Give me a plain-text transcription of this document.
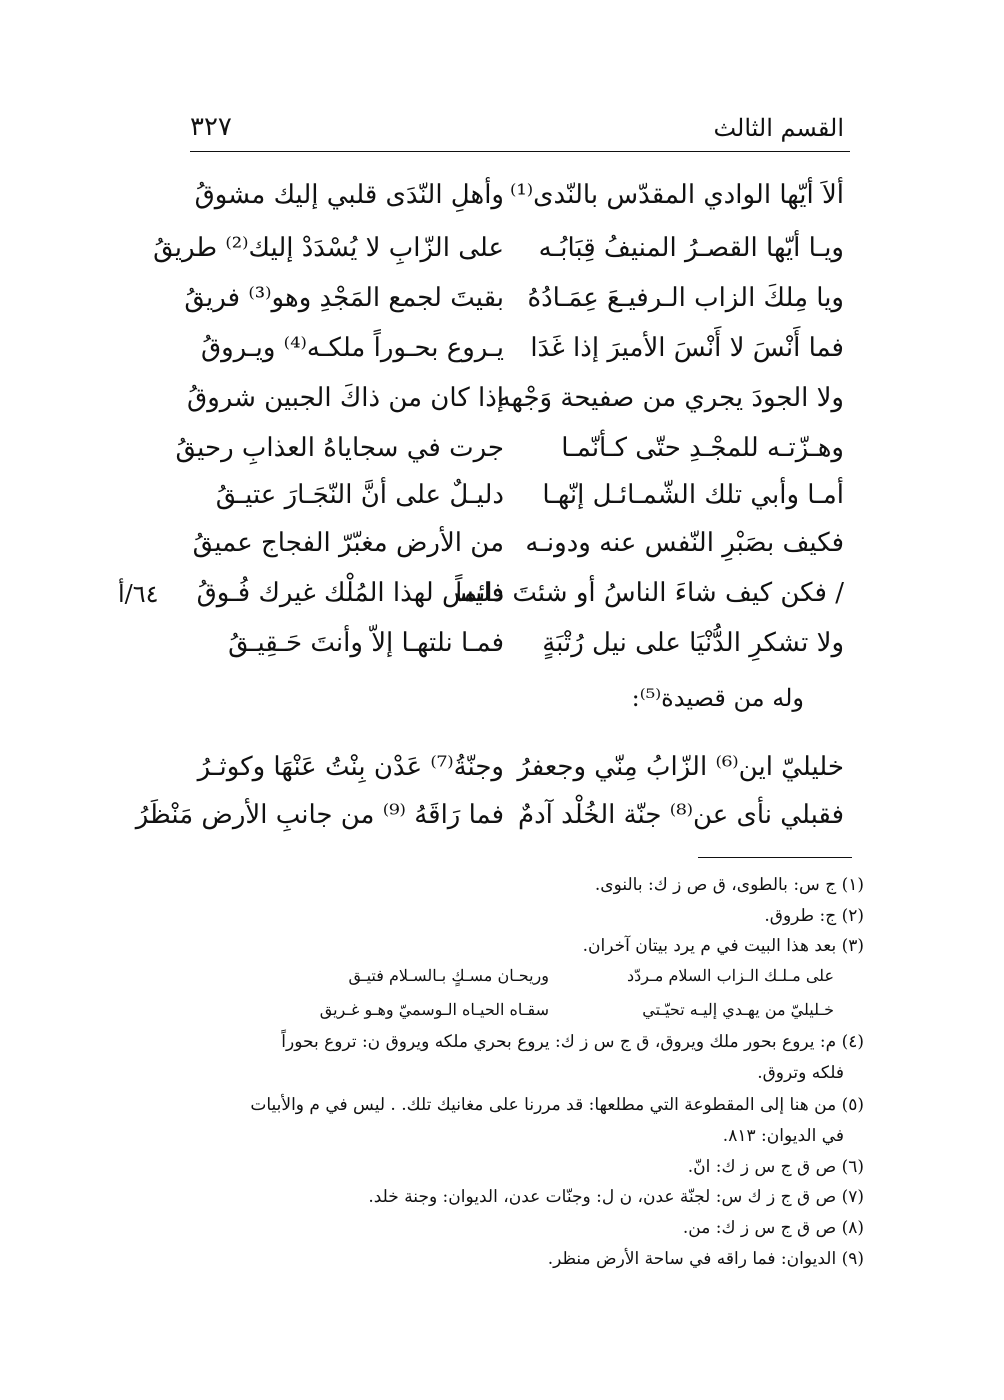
٣٢٧	القسم الثالث
ألاَ أيّها الوادي المقدّس بالنّدى⁽¹⁾
وأهلِ النّدَى قلبي إليك مشوقُ
ويـا أيّها القصـرُ المنيفُ قِبَابُـه
على الزّابِ لا يُسْدَدْ إليك⁽²⁾ طريقُ
ويا مِلكَ الزاب الـرفيـعَ عِمَـادُهُ
بقيتَ لجمع المَجْدِ وهو⁽³⁾ فريقُ
فما أَنْسَ لا أَنْسَ الأميرَ إذا غَدَا
يـروع بحـوراً ملكـه⁽⁴⁾ ويـروقُ
ولا الجودَ يجري من صفيحة وَجْهه
إذا كان من ذاكَ الجبين شروقُ
وهـزّتـه للمجْـدِ حتّى كـأنّمـا
جرت في سجاياهُ العذابِ رحيقُ
أمـا وأبي تلك الشّمـائـل إنّهـا
دليـلٌ على أنَّ النّجَـارَ عتيـقُ
فكيف بصَبْرِ النّفس عنه ودونـه
من الأرض مغبّرّ الفجاج عميقُ
/ فكن كيف شاءَ الناسُ أو شئتَ دائماً
فليس لهذا المُلْك غيرك فُـوقُ
ولا تشكرِ الدُّنْيَا على نيل رُتْبَةٍ
فمـا نلتهـا إلاّ وأنتَ حَـقِيـقُ
٦٤/أ
وله من قصيدة⁽⁵⁾:
خليليّ اين⁽⁶⁾ الزّابُ مِنّي وجعفرُ
وجنّةُ⁽⁷⁾ عَدْن بِنْتُ عَنْهَا وكوثـرُ
فقبلي نأى عن⁽⁸⁾ جنّة الخُلْد آدمٌ
فما رَاقَهُ ⁽⁹⁾ من جانبِ الأرض مَنْظَرُ
(١) ج س: بالطوى، ق ص ز ك: بالنوى.
(٢) ج: طروق.
(٣) بعد هذا البيت في م يرد بيتان آخران.
على مـلـك الـزاب السلام مـردّد
وريحـان مسـكٍ بـالسـلام فتيـق
خـليليّ من يهـدي إليـه تحيّـتي
سقـاه الحيـاه الـوسميّ وهـو غـريق
(٤) م: يروع بحور ملك ويروق، ق ج س ز ك: يروع بحري ملكه ويروق ن: تروع بحوراً
فلكه وتروق.
(٥) من هنا إلى المقطوعة التي مطلعها: قد مررنا على مغانيك تلك. . ليس في م والأبيات
في الديوان: ٨١٣.
(٦) ص ق ج س ز ك: انّ.
(٧) ص ق ج ز ك س: لجنّة عدن، ن ل: وجنّات عدن، الديوان: وجنة خلد.
(٨) ص ق ج س ز ك: من.
(٩) الديوان: فما راقه في ساحة الأرض منظر.
